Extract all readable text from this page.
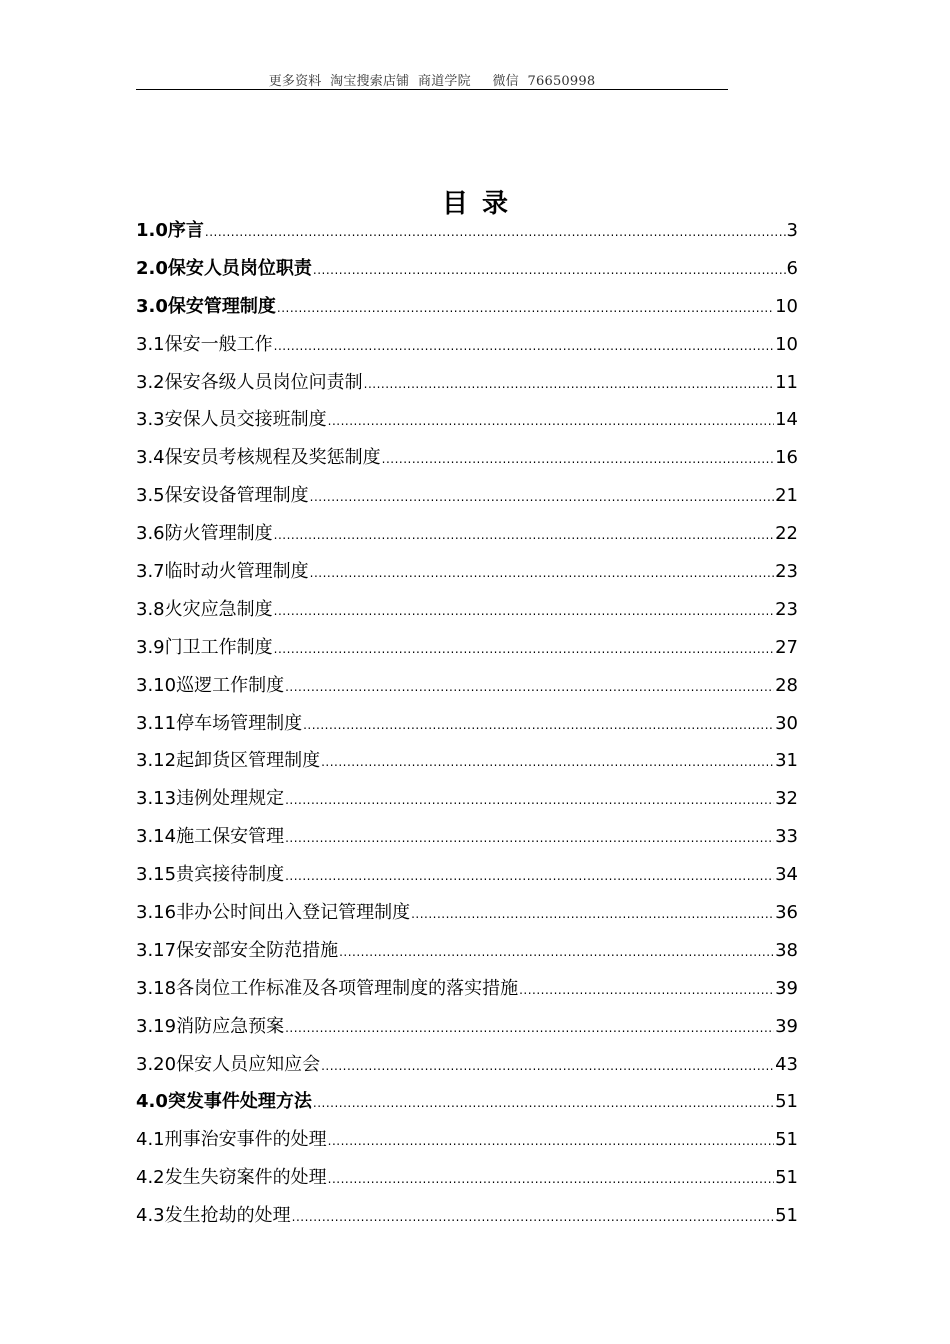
更多资料  淘宝搜索店铺  商道学院     微信  76650998
目录
1.0 序言 .....	3
2.0 保安人员岗位职责 .....	6
3.0 保安管理制度 .....	10
3.1 保安一般工作 .....	10
3.2 保安各级人员岗位问责制 .....	11
3.3 安保人员交接班制度 .....	14
3.4 保安员考核规程及奖惩制度 .....	16
3.5 保安设备管理制度 .....	21
3.6 防火管理制度 .....	22
3.7 临时动火管理制度 .....	23
3.8 火灾应急制度 .....	23
3.9 门卫工作制度 .....	27
3.10 巡逻工作制度 .....	28
3.11 停车场管理制度 .....	30
3.12 起卸货区管理制度 .....	31
3.13 违例处理规定 .....	32
3.14 施工保安管理 .....	33
3.15 贵宾接待制度 .....	34
3.16 非办公时间出入登记管理制度 .....	36
3.17 保安部安全防范措施 .....	38
3.18 各岗位工作标准及各项管理制度的落实措施 .....	39
3.19 消防应急预案 .....	39
3.20 保安人员应知应会 .....	43
4.0 突发事件处理方法 .....	51
4.1 刑事治安事件的处理 .....	51
4.2 发生失窃案件的处理 .....	51
4.3 发生抢劫的处理 .....	51
